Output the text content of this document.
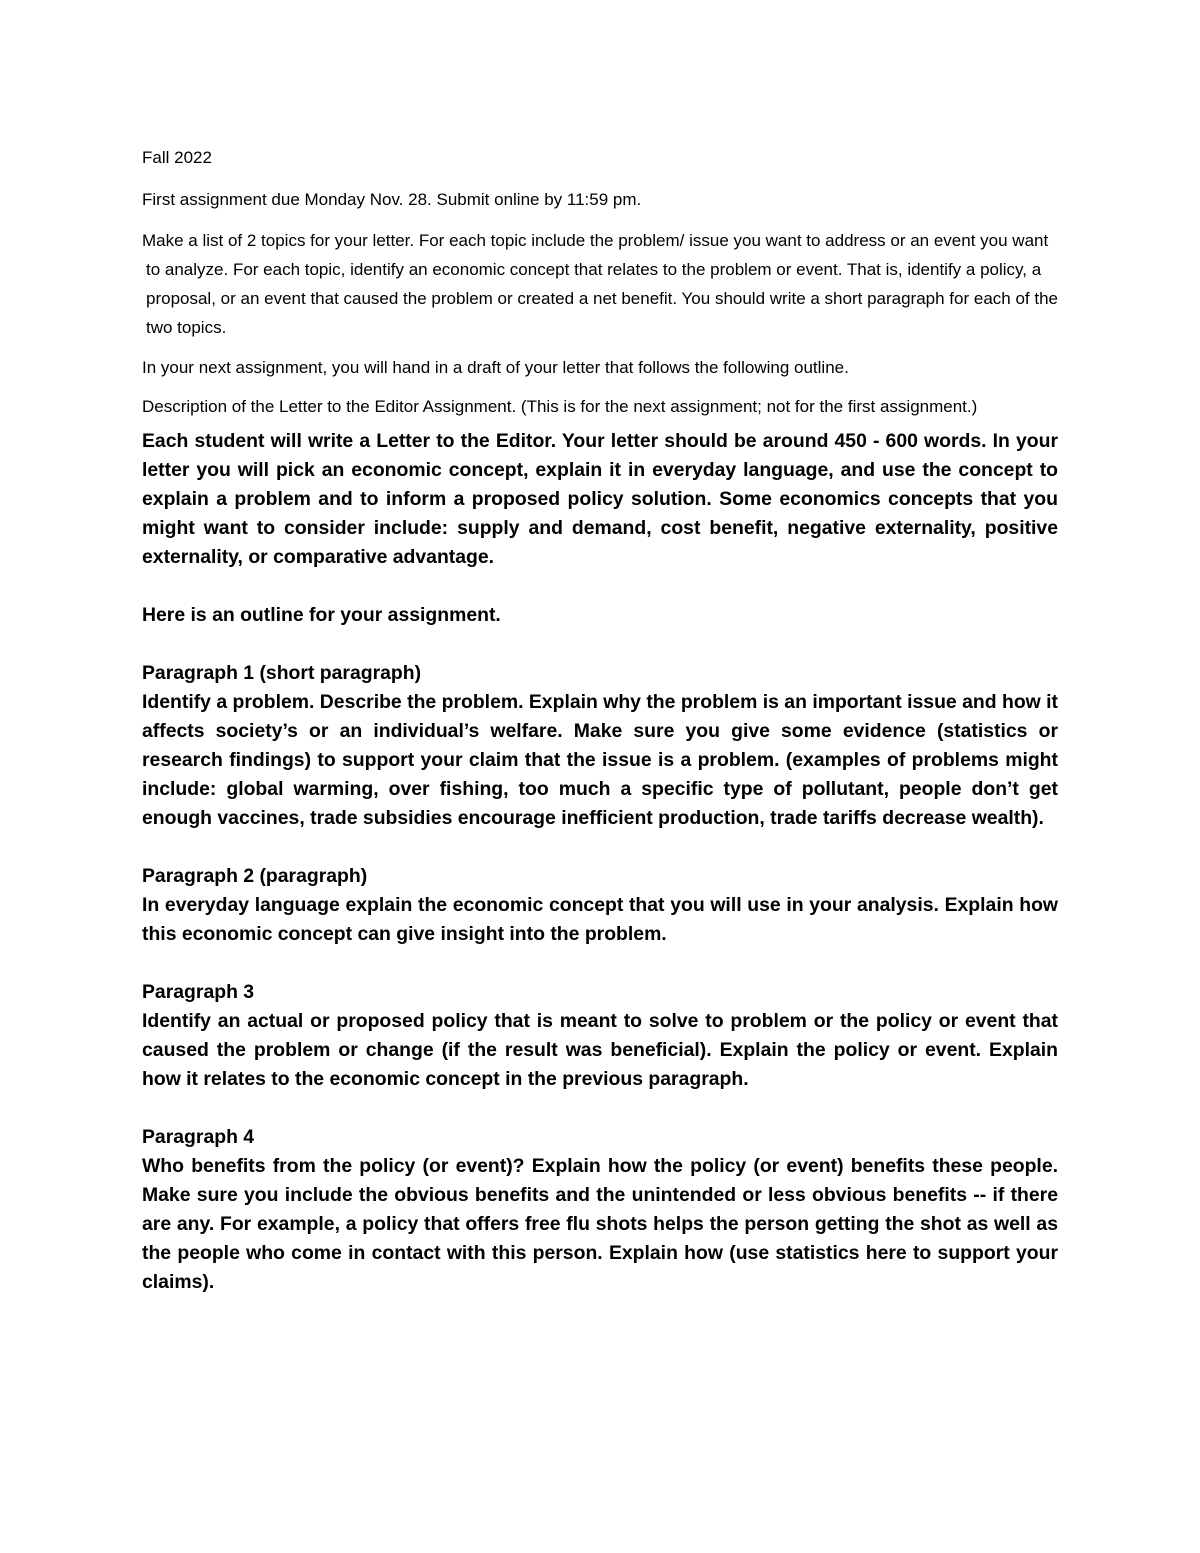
Fall 2022

First assignment due Monday Nov. 28. Submit online by 11:59 pm.

Make a list of 2 topics for your letter. For each topic include the problem/ issue you want to address or an event you want to analyze. For each topic, identify an economic concept that relates to the problem or event. That is, identify a policy, a proposal, or an event that caused the problem or created a net benefit. You should write a short paragraph for each of the two topics.

In your next assignment, you will hand in a draft of your letter that follows the following outline.

Description of the Letter to the Editor Assignment. (This is for the next assignment; not for the first assignment.)

Each student will write a Letter to the Editor. Your letter should be around 450 - 600 words. In your letter you will pick an economic concept, explain it in everyday language, and use the concept to explain a problem and to inform a proposed policy solution. Some economics concepts that you might want to consider include: supply and demand, cost benefit, negative externality, positive externality, or comparative advantage.

Here is an outline for your assignment.

Paragraph 1 (short paragraph)

Identify a problem. Describe the problem. Explain why the problem is an important issue and how it affects society’s or an individual’s welfare. Make sure you give some evidence (statistics or research findings) to support your claim that the issue is a problem. (examples of problems might include: global warming, over fishing, too much a specific type of pollutant, people don’t get enough vaccines, trade subsidies encourage inefficient production, trade tariffs decrease wealth).

Paragraph 2 (paragraph)

In everyday language explain the economic concept that you will use in your analysis. Explain how this economic concept can give insight into the problem.

Paragraph 3

Identify an actual or proposed policy that is meant to solve to problem or the policy or event that caused the problem or change (if the result was beneficial). Explain the policy or event. Explain how it relates to the economic concept in the previous paragraph.

Paragraph 4

Who benefits from the policy (or event)? Explain how the policy (or event) benefits these people. Make sure you include the obvious benefits and the unintended or less obvious benefits -- if there are any. For example, a policy that offers free flu shots helps the person getting the shot as well as the people who come in contact with this person. Explain how (use statistics here to support your claims).
